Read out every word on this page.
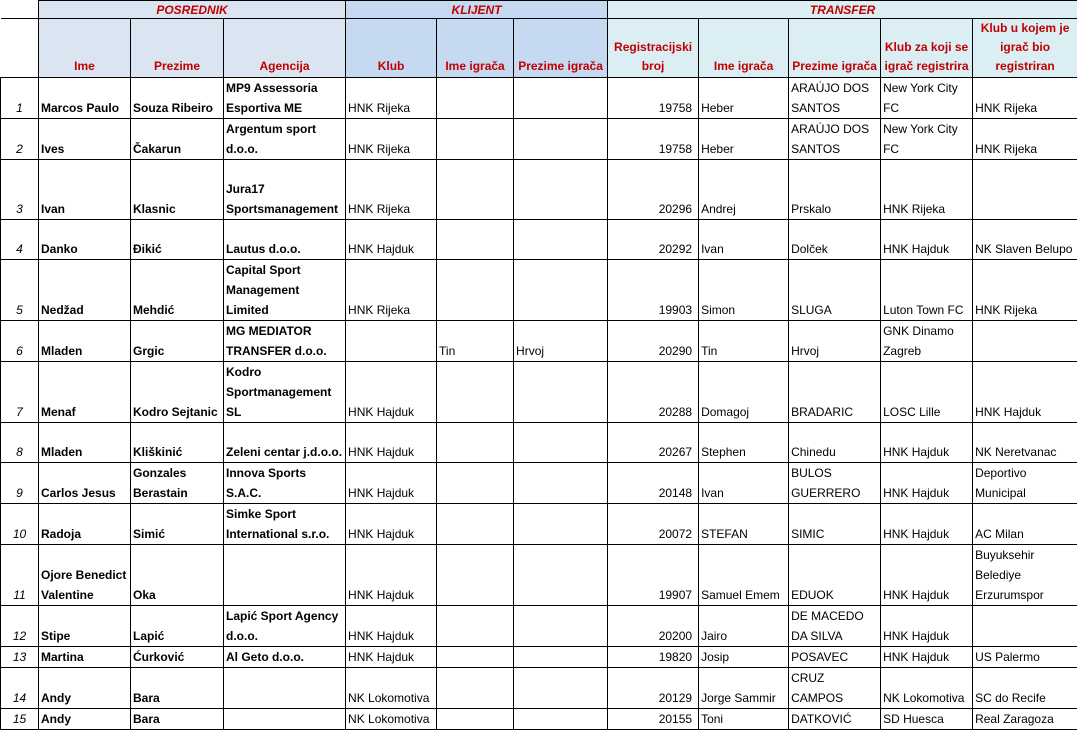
	POSREDNIK			KLIJENT			TRANSFER				
	Ime	Prezime	Agencija	Klub	Ime igrača	Prezime igrača	Registracijski broj	Ime igrača	Prezime igrača	Klub za koji se igrač registrira	Klub u kojem je igrač bio registriran
1	Marcos Paulo	Souza Ribeiro	MP9 Assessoria Esportiva ME	HNK Rijeka			19758	Heber	ARAÚJO DOS SANTOS	New York City FC	HNK Rijeka
2	Ives	Čakarun	Argentum sport d.o.o.	HNK Rijeka			19758	Heber	ARAÚJO DOS SANTOS	New York City FC	HNK Rijeka
3	Ivan	Klasnic	Jura17 Sportsmanagement	HNK Rijeka			20296	Andrej	Prskalo	HNK Rijeka	
4	Danko	Đikić	Lautus d.o.o.	HNK Hajduk			20292	Ivan	Dolček	HNK Hajduk	NK Slaven Belupo
5	Nedžad	Mehdić	Capital Sport Management Limited	HNK Rijeka			19903	Simon	SLUGA	Luton Town FC	HNK Rijeka
6	Mladen	Grgic	MG MEDIATOR TRANSFER d.o.o.		Tin	Hrvoj	20290	Tin	Hrvoj	GNK Dinamo Zagreb	
7	Menaf	Kodro Sejtanic	Kodro Sportmanagement SL	HNK Hajduk			20288	Domagoj	BRADARIC	LOSC Lille	HNK Hajduk
8	Mladen	Kliškinić	Zeleni centar j.d.o.o.	HNK Hajduk			20267	Stephen	Chinedu	HNK Hajduk	NK Neretvanac
9	Carlos Jesus	Gonzales Berastain	Innova Sports S.A.C.	HNK Hajduk			20148	Ivan	BULOS GUERRERO	HNK Hajduk	Deportivo Municipal
10	Radoja	Simić	Simke Sport International s.r.o.	HNK Hajduk			20072	STEFAN	SIMIC	HNK Hajduk	AC Milan
11	Ojore Benedict Valentine	Oka		HNK Hajduk			19907	Samuel Emem	EDUOK	HNK Hajduk	Buyuksehir Belediye Erzurumspor
12	Stipe	Lapić	Lapić Sport Agency d.o.o.	HNK Hajduk			20200	Jairo	DE MACEDO DA SILVA	HNK Hajduk	
13	Martina	Ćurković	Al Geto d.o.o.	HNK Hajduk			19820	Josip	POSAVEC	HNK Hajduk	US Palermo
14	Andy	Bara		NK Lokomotiva			20129	Jorge Sammir	CRUZ CAMPOS	NK Lokomotiva	SC do Recife
15	Andy	Bara		NK Lokomotiva			20155	Toni	DATKOVIĆ	SD Huesca	Real Zaragoza
